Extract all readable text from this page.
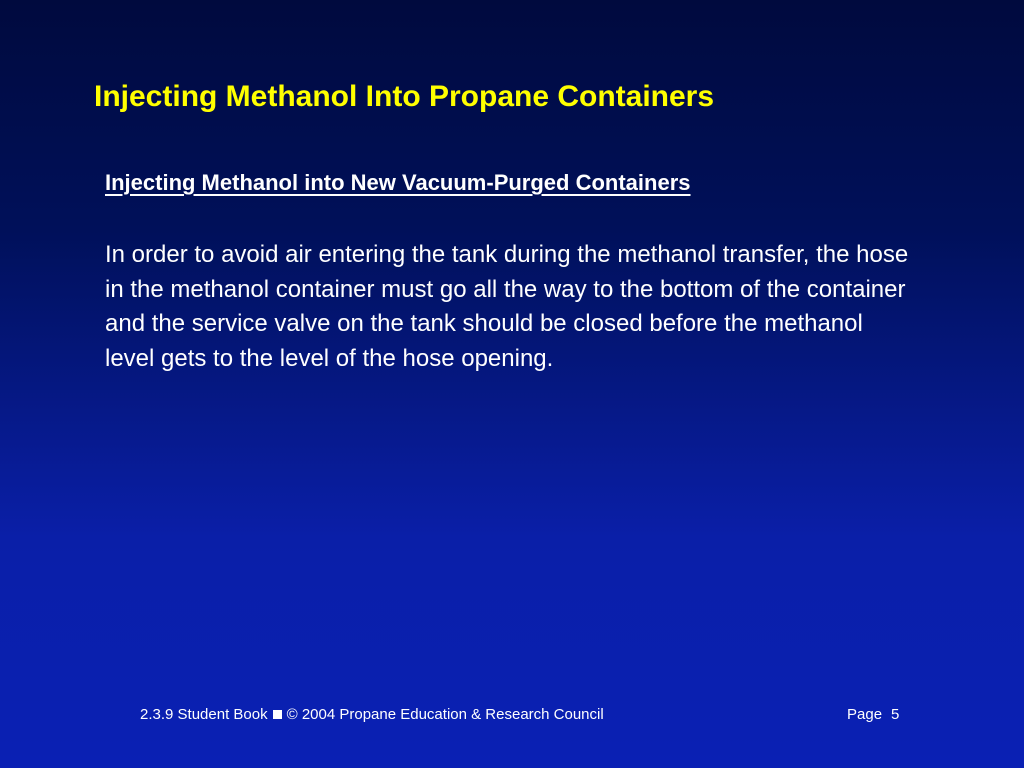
Injecting Methanol Into Propane Containers
Injecting Methanol into New Vacuum-Purged Containers

In order to avoid air entering the tank during the methanol transfer, the hose in the methanol container must go all the way to the bottom of the container and the service valve on the tank should be closed before the methanol level gets to the level of the hose opening.

2.3.9 Student Book © 2004 Propane Education & Research Council	Page 5
